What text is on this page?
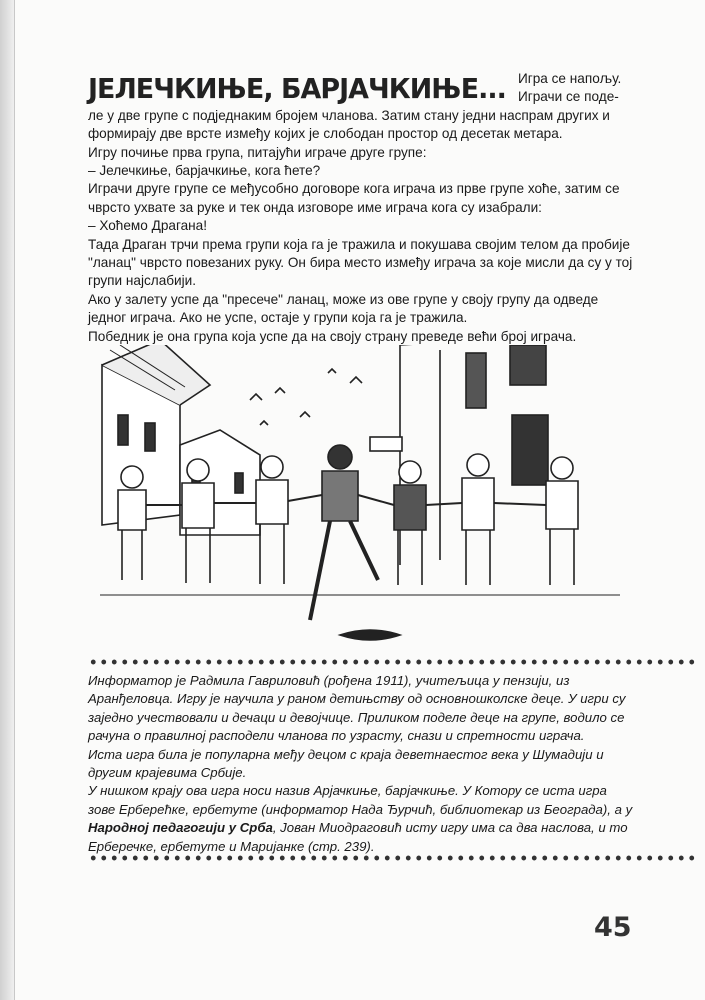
ЈЕЛЕЧКИЊЕ, БАРЈАЧКИЊЕ... Игра се напољу.

Играчи се поде-

ле у две групе с подједнаким бројем чланова. Затим стану једни наспрам других и формирају две врсте између којих је слободан простор од десетак метара.

Игру почиње прва група, питајући играче друге групе:

– Јелечкиње, барјачкиње, кога ћете?

Играчи друге групе се међусобно договоре кога играча из прве групе хоће, затим се чврсто ухвате за руке и тек онда изговоре име играча кога су изабрали:

– Хоћемо Драгана!

Тада Драган трчи према групи која га је тражила и покушава својим телом да пробије "ланац" чврсто повезаних руку. Он бира место између играча за које мисли да су у тој групи најслабији.

Ако у залету успе да "пресече" ланац, може из ове групе у своју групу да одведе једног играча. Ако не успе, остаје у групи која га је тражила.

Победник је она група која успе да на своју страну преведе већи број играча.

Информатор је Радмила Гавриловић (рођена 1911), учитељица у пензији, из Аранђеловца. Игру је научила у раном детињству од основношколске деце. У игри су заједно учествовали и дечаци и девојчице. Приликом поделе деце на групе, водило се рачуна о правилној расподели чланова по узрасту, снази и спретности играча.

Иста игра била је популарна међу децом с краја деветнаестог века у Шумадији и другим крајевима Србије.

У нишком крају ова игра носи назив Арјачкиње, барјачкиње. У Котору се иста игра зове Ерберећке, ербетуте (информатор Нада Ђурчић, библиотекар из Београда), а у Народној педагогији у Срба, Јован Миодраговић исту игру има са два наслова, и то Ерберечке, ербетуте и Маријанке (стр. 239).

45
